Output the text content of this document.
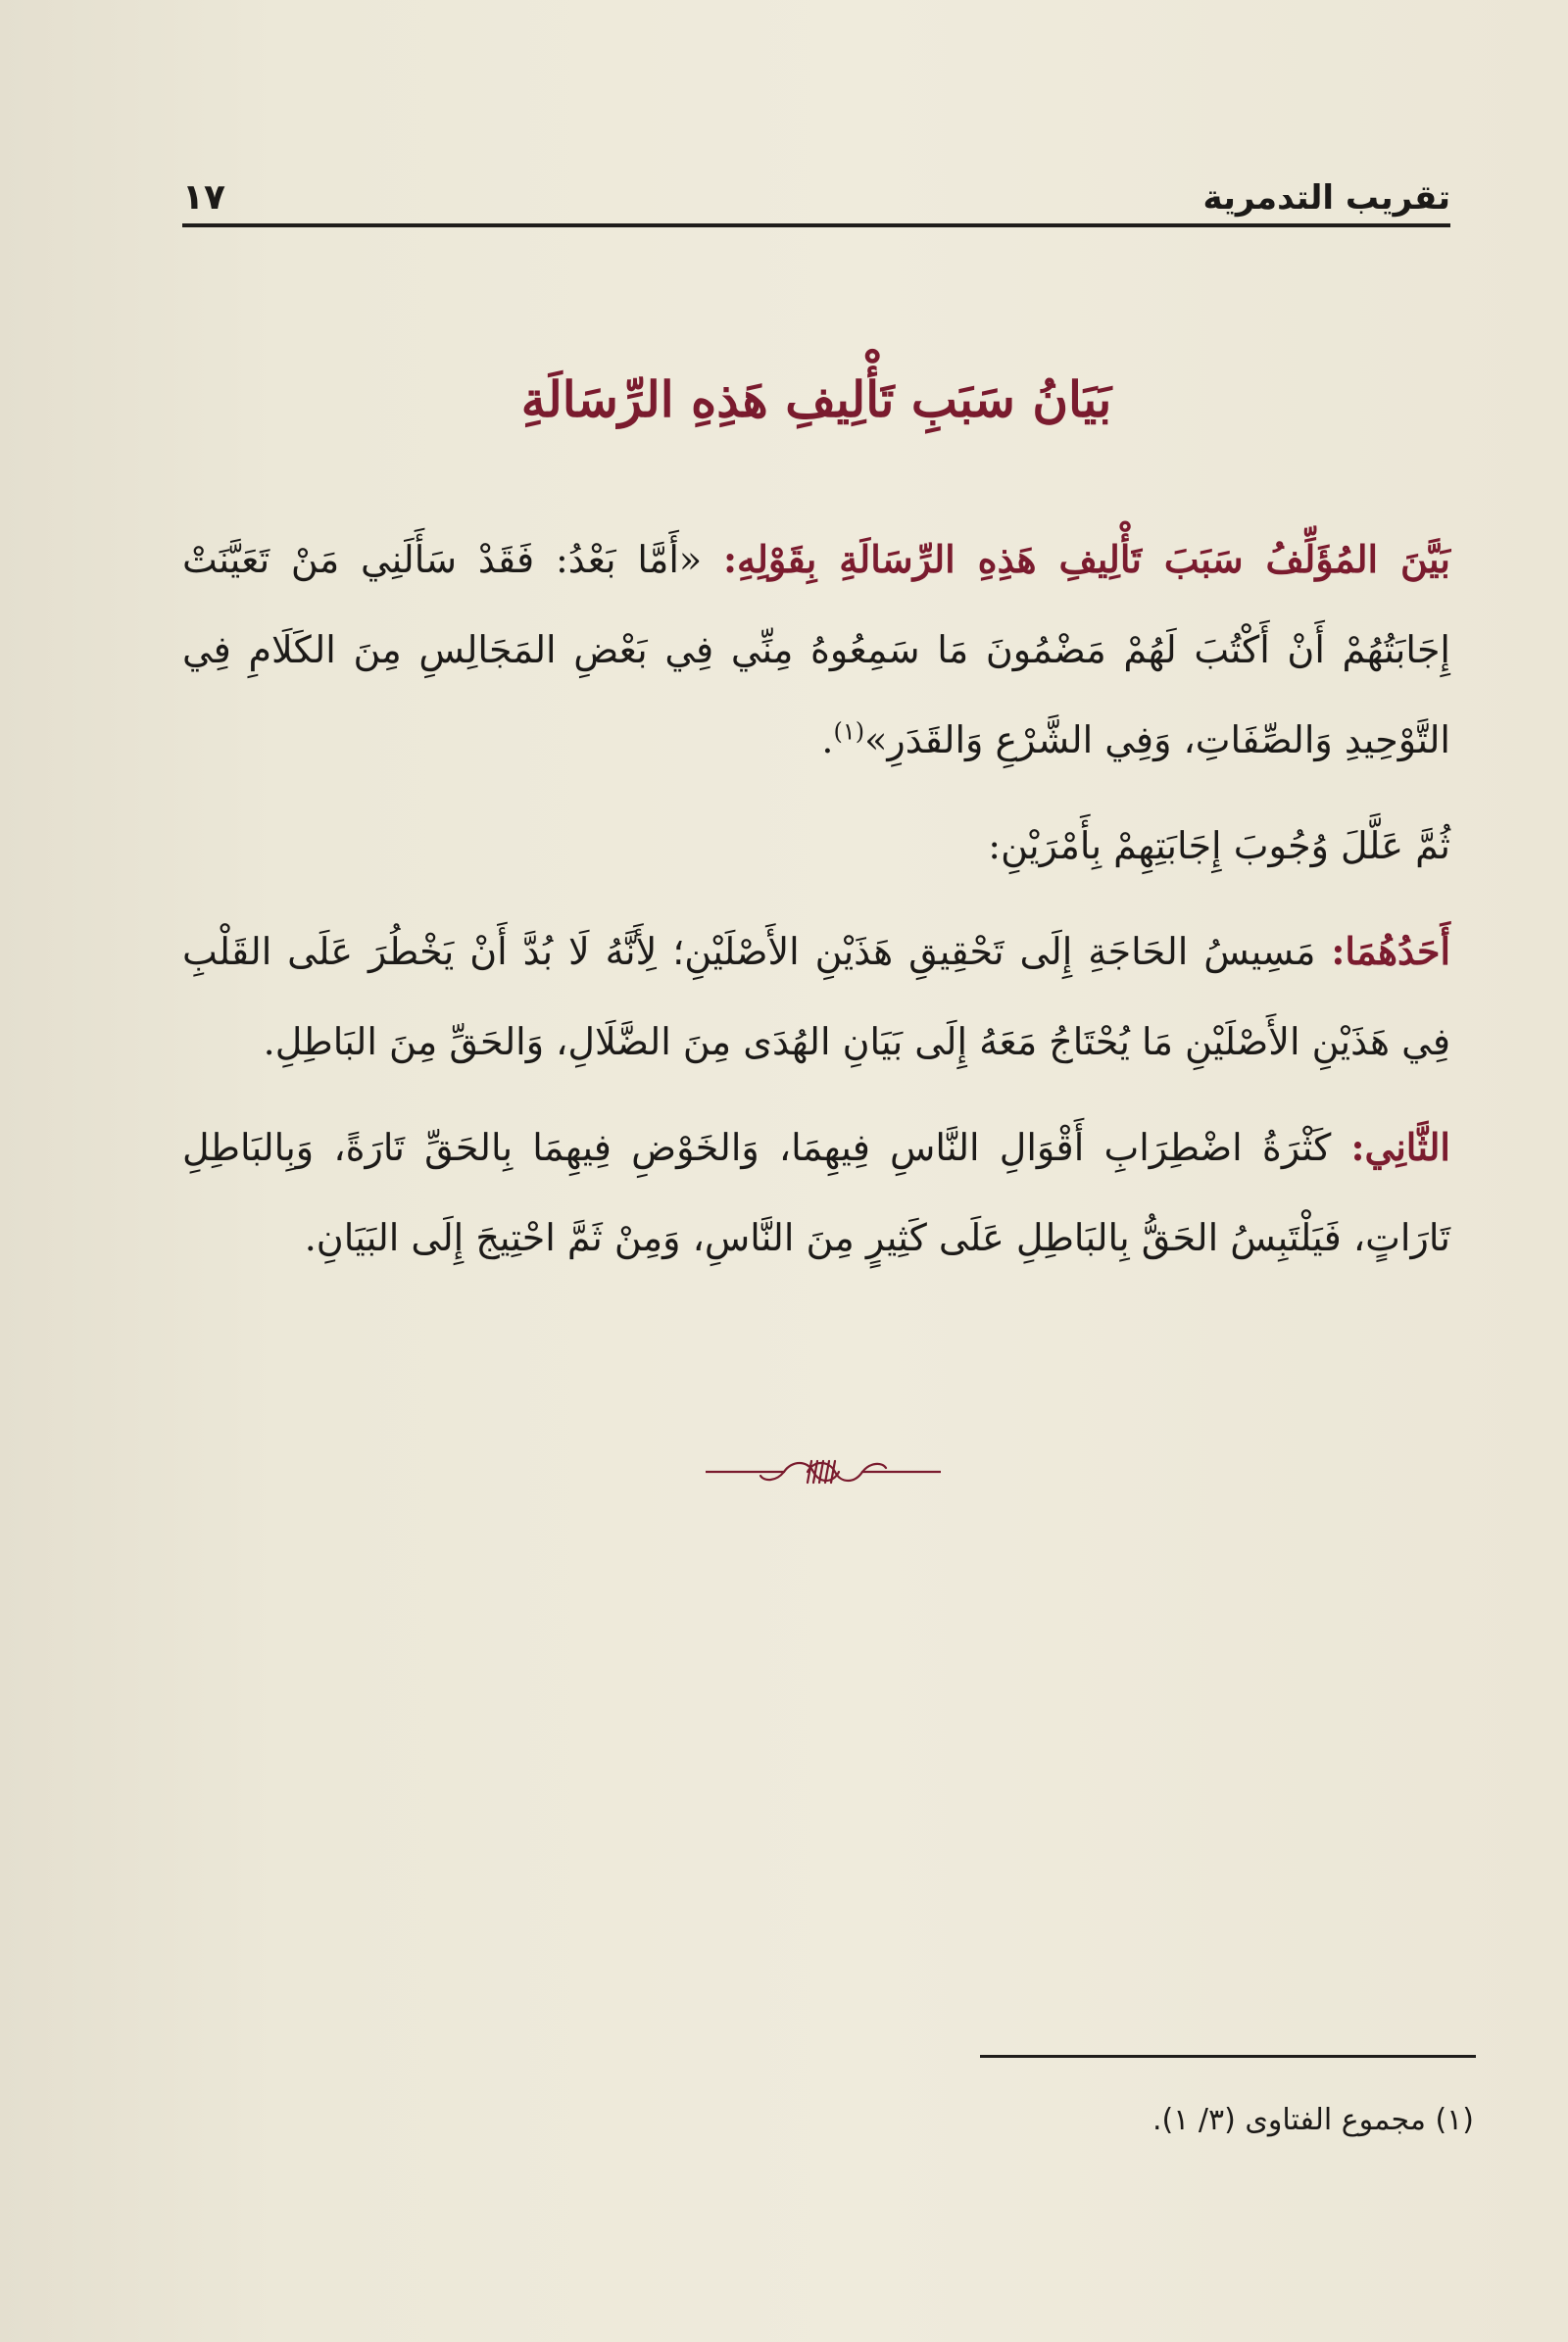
تقريب التدمرية
١٧
بَيَانُ سَبَبِ تَأْلِيفِ هَذِهِ الرِّسَالَةِ

بَيَّنَ المُؤَلِّفُ سَبَبَ تَأْلِيفِ هَذِهِ الرِّسَالَةِ بِقَوْلِهِ: «أَمَّا بَعْدُ: فَقَدْ سَأَلَنِي مَنْ تَعَيَّنَتْ إِجَابَتُهُمْ أَنْ أَكْتُبَ لَهُمْ مَضْمُونَ مَا سَمِعُوهُ مِنِّي فِي بَعْضِ المَجَالِسِ مِنَ الكَلَامِ فِي التَّوْحِيدِ وَالصِّفَاتِ، وَفِي الشَّرْعِ وَالقَدَرِ»$^{(١)}$.

ثُمَّ عَلَّلَ وُجُوبَ إِجَابَتِهِمْ بِأَمْرَيْنِ:

أَحَدُهُمَا: مَسِيسُ الحَاجَةِ إِلَى تَحْقِيقِ هَذَيْنِ الأَصْلَيْنِ؛ لِأَنَّهُ لَا بُدَّ أَنْ يَخْطُرَ عَلَى القَلْبِ فِي هَذَيْنِ الأَصْلَيْنِ مَا يُحْتَاجُ مَعَهُ إِلَى بَيَانِ الهُدَى مِنَ الضَّلَالِ، وَالحَقِّ مِنَ البَاطِلِ.

الثَّانِي: كَثْرَةُ اضْطِرَابِ أَقْوَالِ النَّاسِ فِيهِمَا، وَالخَوْضِ فِيهِمَا بِالحَقِّ تَارَةً، وَبِالبَاطِلِ تَارَاتٍ، فَيَلْتَبِسُ الحَقُّ بِالبَاطِلِ عَلَى كَثِيرٍ مِنَ النَّاسِ، وَمِنْ ثَمَّ احْتِيجَ إِلَى البَيَانِ.

(١) مجموع الفتاوى (٣/ ١).
